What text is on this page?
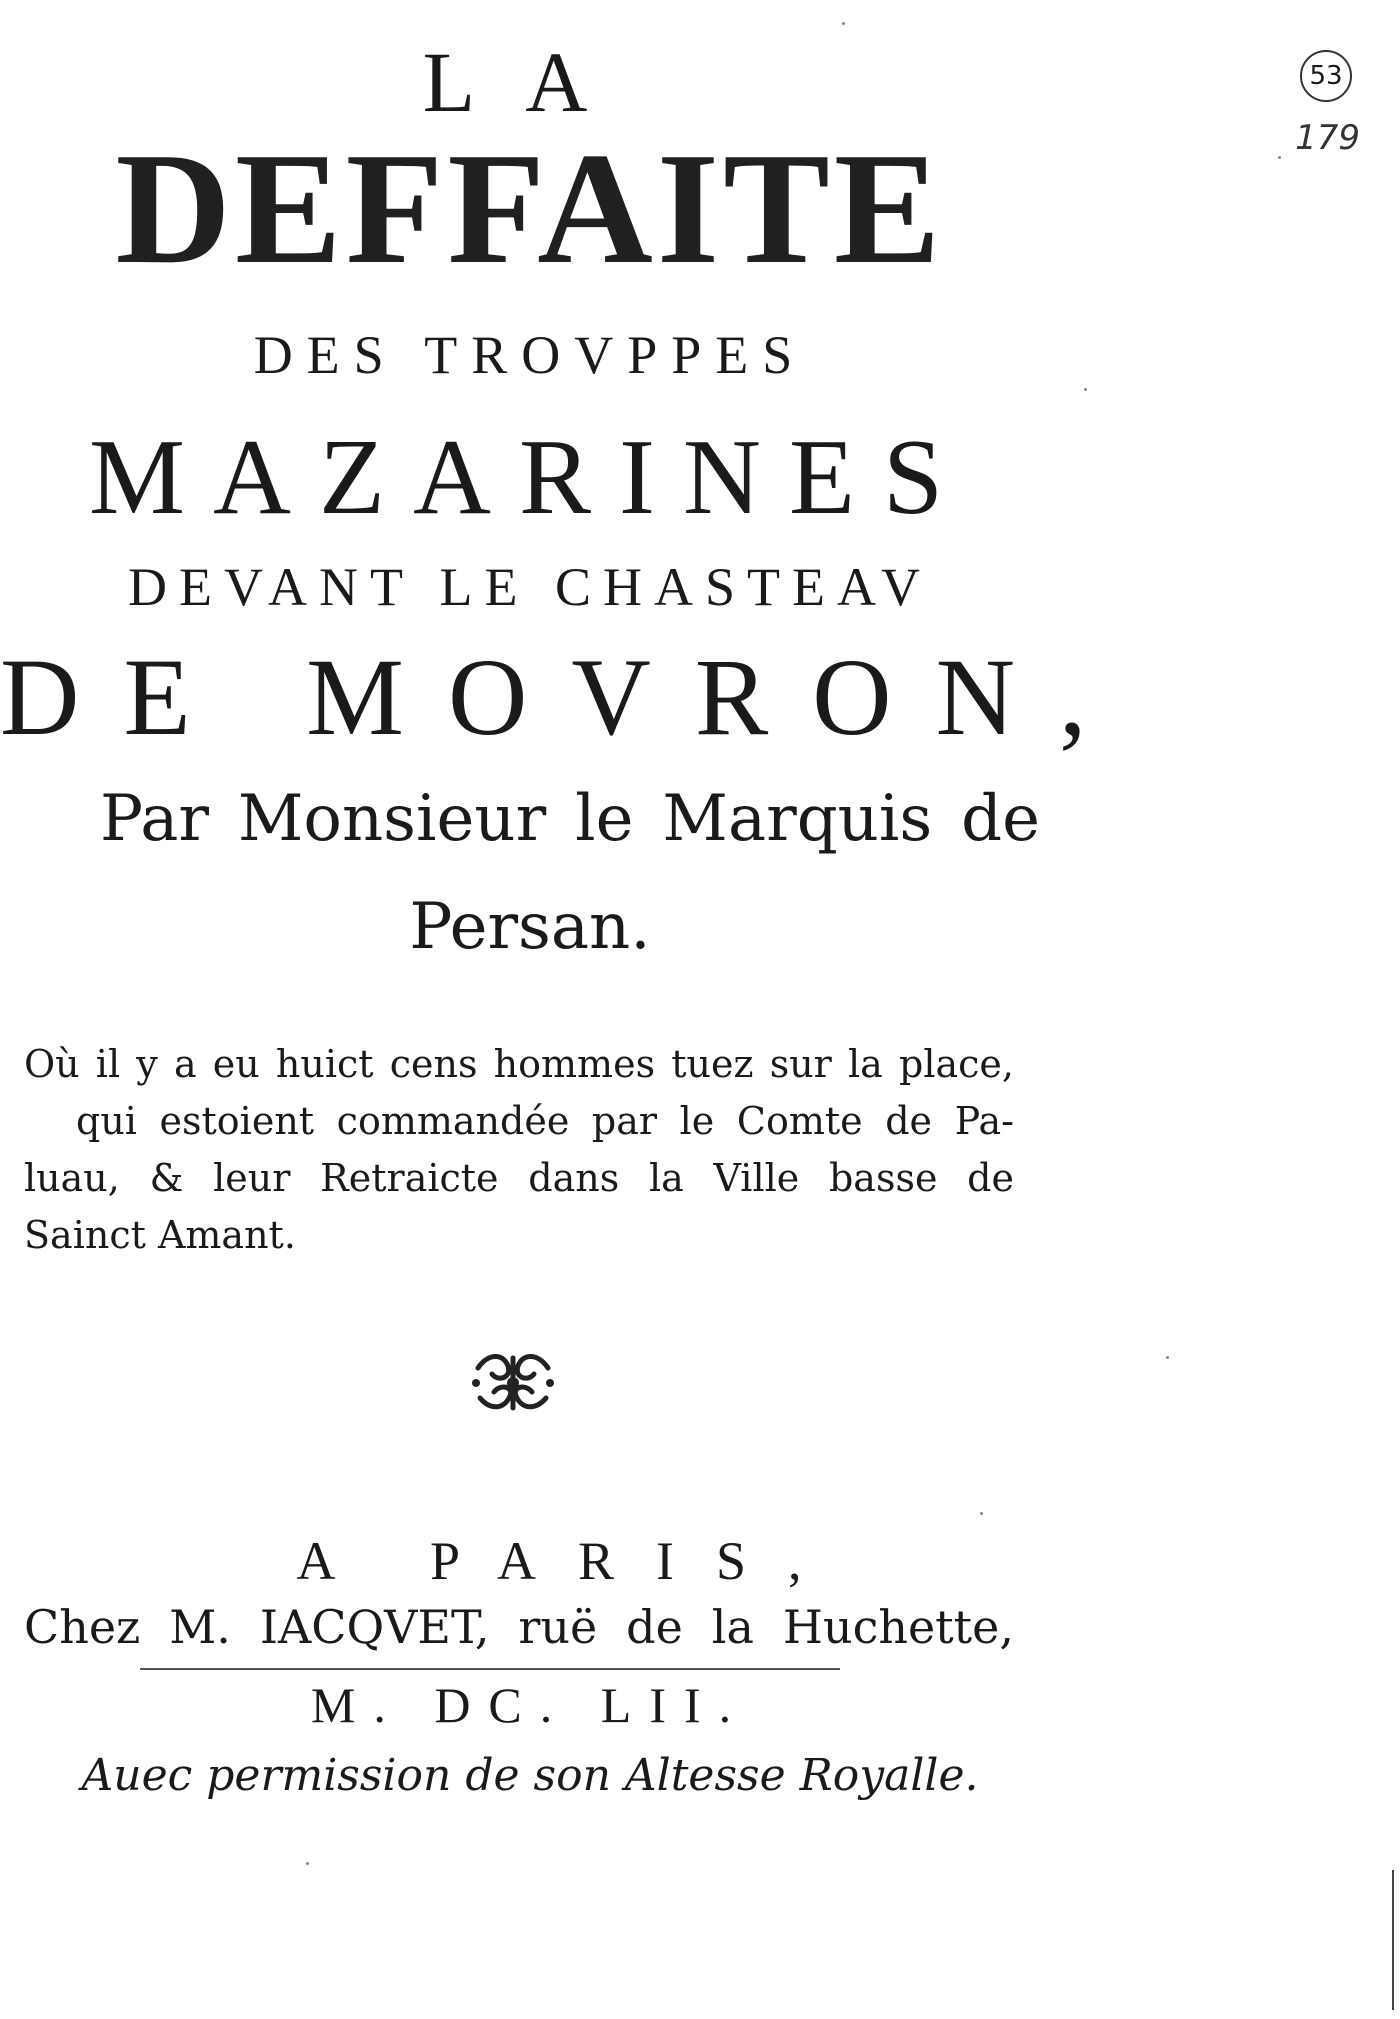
LA
DEFFAITE
DES TROVPPES
MAZARINES
DEVANT LE CHASTEAV
DE MOVRON,
Par Monsieur le Marquis de
Persan.
Où il y a eu huict cens hommes tuez sur la place,
qui estoient commandée par le Comte de Pa-
luau, & leur Retraicte dans la Ville basse de
Sainct Amant.
A PARIS,
Chez M. IACQVET, ruë de la Huchette,
M. DC. LII.
Auec permission de son Altesse Royalle.
53
179
